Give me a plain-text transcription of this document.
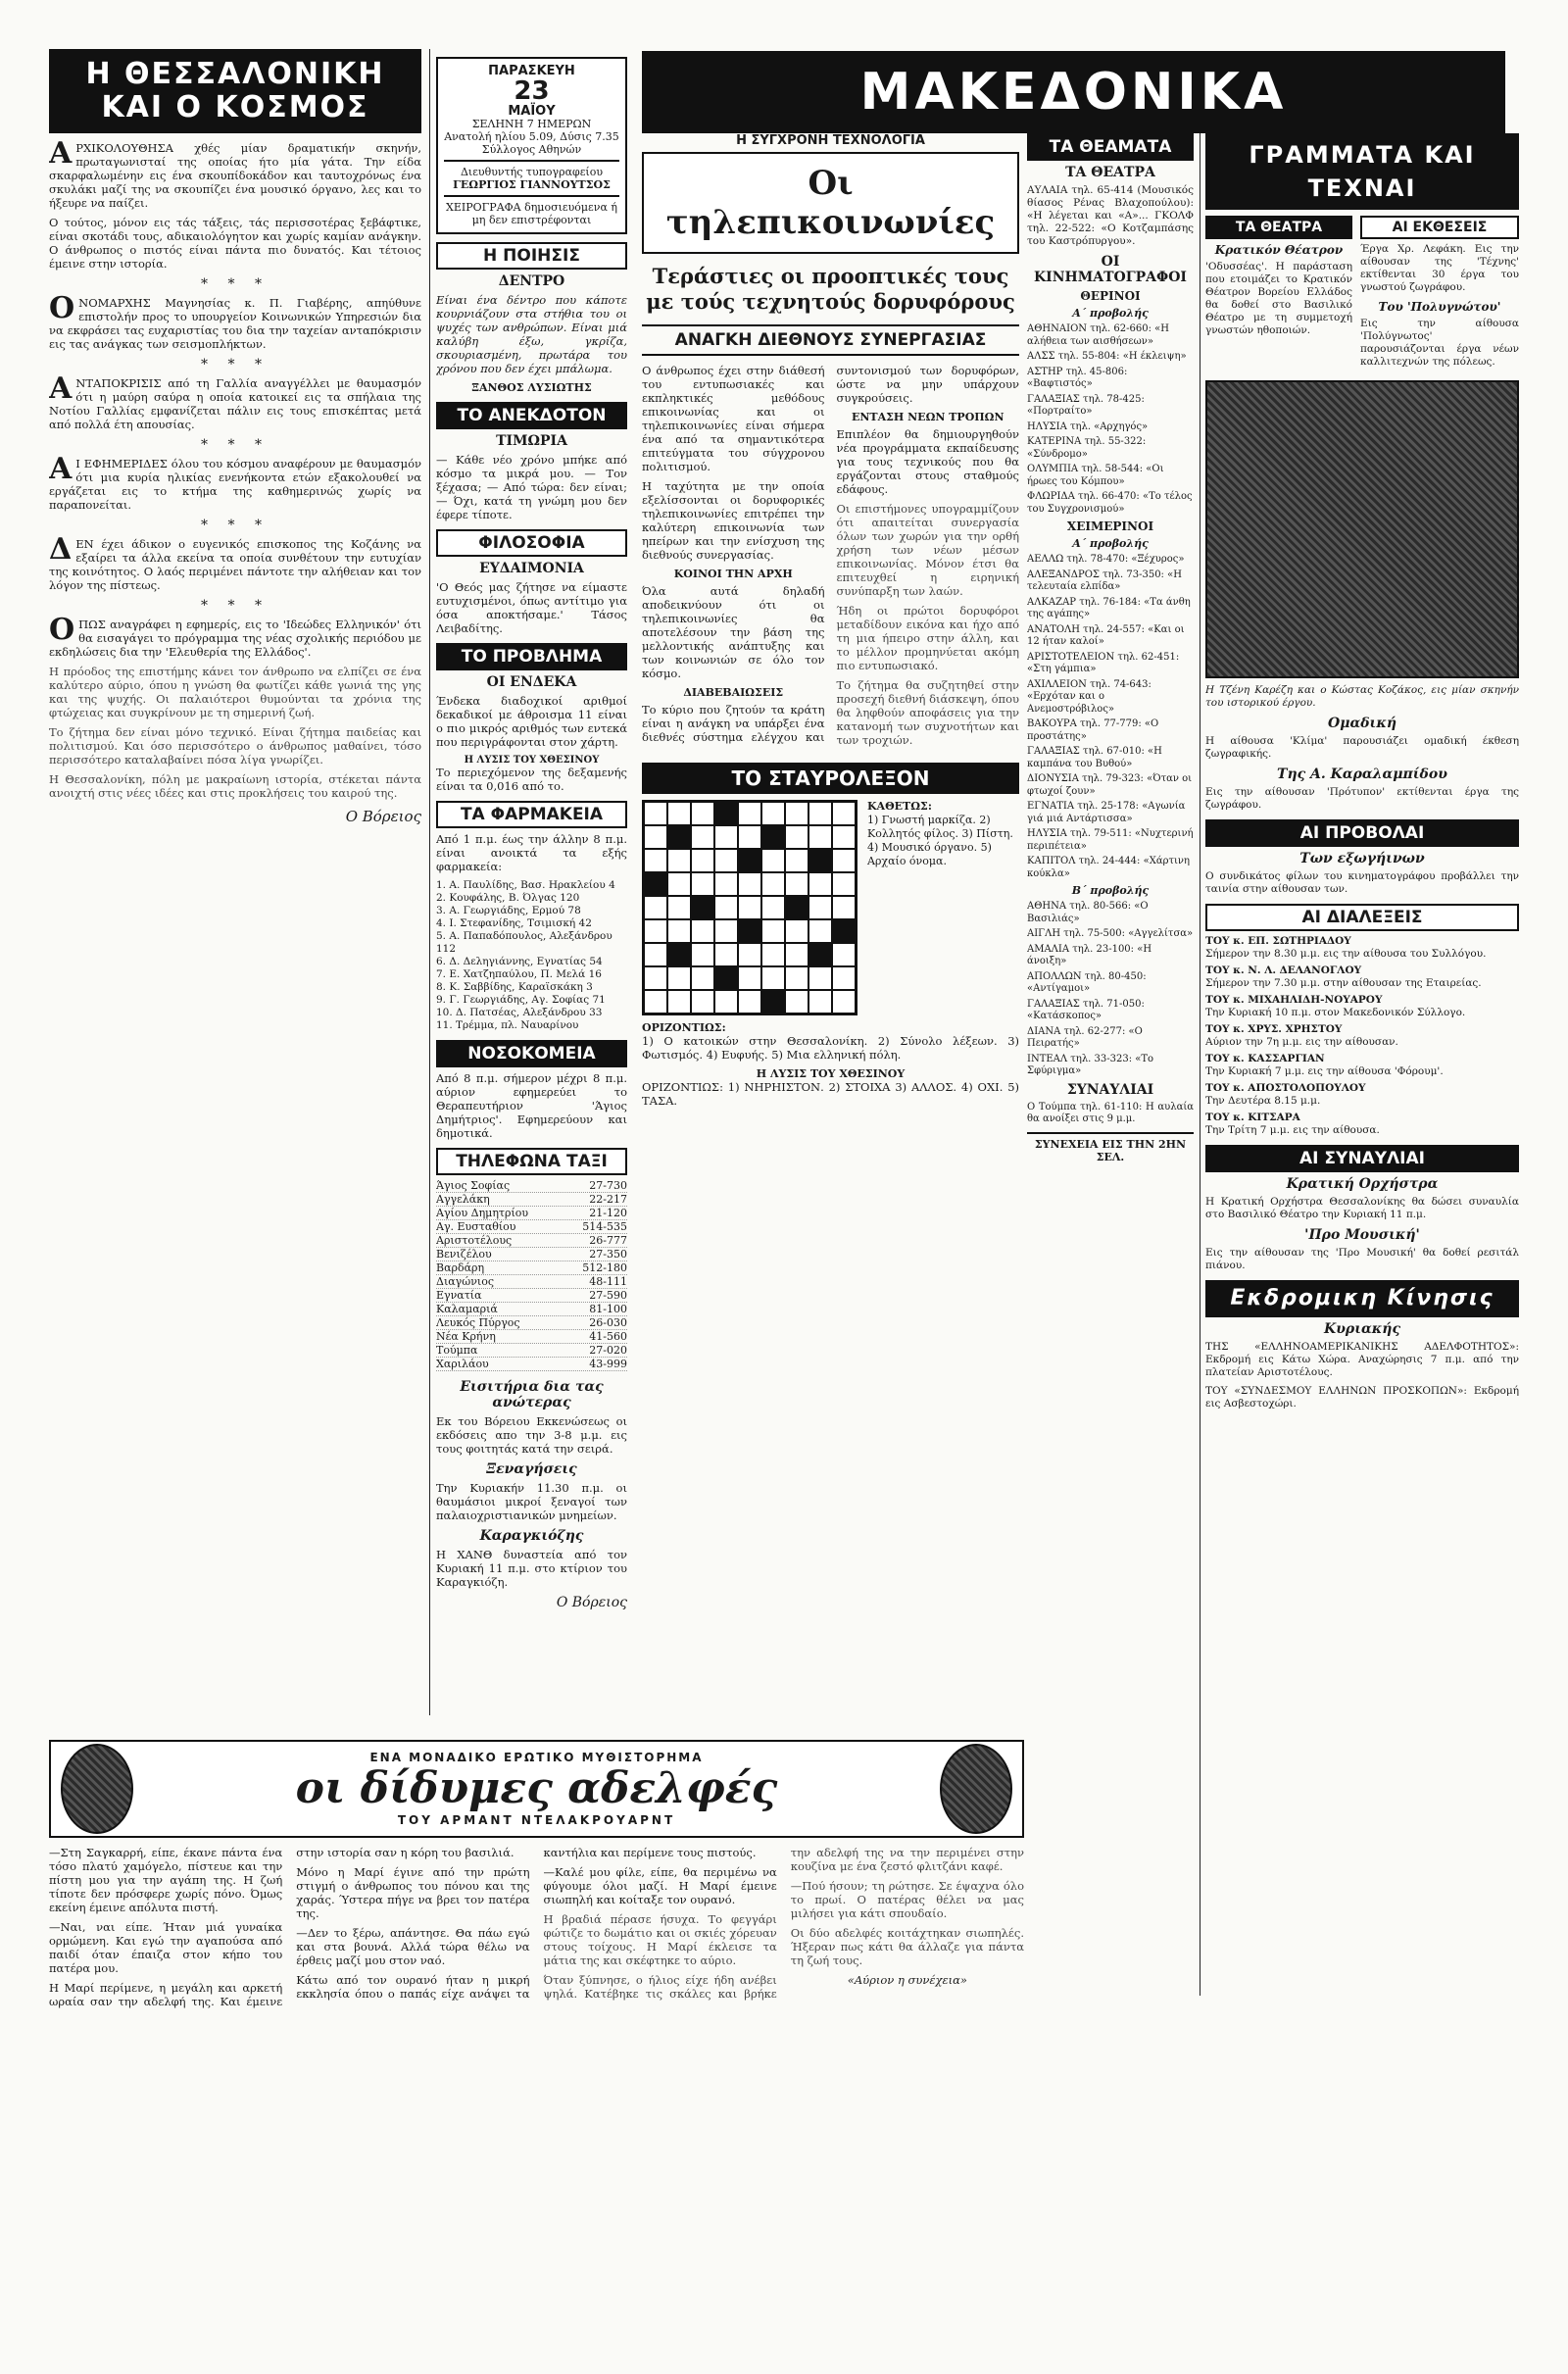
Η ΘΕΣΣΑΛΟΝΙΚΗ ΚΑΙ Ο ΚΟΣΜΟΣ

ΑΡΧΙΚΟΛΟΥΘΗΣΑ χθές μίαν δραματικήν σκηνήν, πρωταγωνισταί της οποίας ήτο μία γάτα. Την είδα σκαρφαλωμένην εις ένα σκουπίδοκάδον και ταυτοχρόνως ένα σκυλάκι μαζί της να σκουπίζει ένα μουσικό όργανο, λες και το ήξευρε να παίζει.

Ο τούτος, μόνον εις τάς τάξεις, τάς περισσοτέρας ξεβάφτικε, είναι σκοτάδι τους, αδικαιολόγητον και χωρίς καμίαν ανάγκην. Ο άνθρωπος ο πιστός είναι πάντα πιο δυνατός. Και τέτοιος έμεινε στην ιστορία.

* * *

ΟΝΟΜΑΡΧΗΣ Μαγνησίας κ. Π. Γιαβέρης, απηύθυνε επιστολήν προς το υπουργείον Κοινωνικών Υπηρεσιών δια να εκφράσει τας ευχαριστίας του δια την ταχείαν ανταπόκρισιν εις τας ανάγκας των σεισμοπλήκτων.

* * *

ΑΝΤΑΠΟΚΡΙΣΙΣ από τη Γαλλία αναγγέλλει με θαυμασμόν ότι η μαύρη σαύρα η οποία κατοικεί εις τα σπήλαια της Νοτίου Γαλλίας εμφανίζεται πάλιν εις τους επισκέπτας μετά από πολλά έτη απουσίας.

* * *

ΑΙ ΕΦΗΜΕΡΙΔΕΣ όλου του κόσμου αναφέρουν με θαυμασμόν ότι μια κυρία ηλικίας ενενήκοντα ετών εξακολουθεί να εργάζεται εις το κτήμα της καθημερινώς χωρίς να παραπονείται.

* * *

ΔΕΝ έχει άδικον ο ευγενικός επισκοπος της Κοζάνης να εξαίρει τα άλλα εκείνα τα οποία συνθέτουν την ευτυχίαν της κοινότητος. Ο λαός περιμένει πάντοτε την αλήθειαν και τον λόγον της πίστεως.

* * *

ΟΠΩΣ αναγράφει η εφημερίς, εις το 'Ιδεώδες Ελληνικόν' ότι θα εισαγάγει το πρόγραμμα της νέας σχολικής περιόδου με εκδηλώσεις δια την 'Ελευθερία της Ελλάδος'.

Η πρόοδος της επιστήμης κάνει τον άνθρωπο να ελπίζει σε ένα καλύτερο αύριο, όπου η γνώση θα φωτίζει κάθε γωνιά της γης και της ψυχής. Οι παλαιότεροι θυμούνται τα χρόνια της φτώχειας και συγκρίνουν με τη σημερινή ζωή.

Το ζήτημα δεν είναι μόνο τεχνικό. Είναι ζήτημα παιδείας και πολιτισμού. Και όσο περισσότερο ο άνθρωπος μαθαίνει, τόσο περισσότερο καταλαβαίνει πόσα λίγα γνωρίζει.

Η Θεσσαλονίκη, πόλη με μακραίωνη ιστορία, στέκεται πάντα ανοιχτή στις νέες ιδέες και στις προκλήσεις του καιρού της.

Ο Βόρειος
ΠΑΡΑΣΚΕΥΗ
23
ΜΑΪΟΥ
ΣΕΛΗΝΗ 7 ΗΜΕΡΩΝ
Ανατολή ηλίου 5.09, Δύσις 7.35
Σύλλογος Αθηνών
Διευθυντής τυπογραφείου
ΓΕΩΡΓΙΟΣ ΓΙΑΝΝΟΥΤΣΟΣ
ΧΕΙΡΟΓΡΑΦΑ δημοσιευόμενα ή μη δεν επιστρέφονται
Η ΠΟΙΗΣΙΣ
ΔΕΝΤΡΟ

Είναι ένα δέντρο που κάποτε κουρνιάζουν στα στήθια του οι ψυχές των ανθρώπων. Είναι μιά καλύβη έξω, γκρίζα, σκουριασμένη, πρωτάρα του χρόνου που δεν έχει μπάλωμα.

ΞΑΝΘΟΣ ΛΥΣΙΩΤΗΣ
ΤΟ ΑΝΕΚΔΟΤΟΝ
ΤΙΜΩΡΙΑ

— Κάθε νέο χρόνο μπήκε από κόσμο τα μικρά μου. — Τον ξέχασα; — Από τώρα: δεν είναι; — Όχι, κατά τη γνώμη μου δεν έφερε τίποτε.

ΦΙΛΟΣΟΦΙΑ
ΕΥΔΑΙΜΟΝΙΑ

'Ο Θεός μας ζήτησε να είμαστε ευτυχισμένοι, όπως αντίτιμο για όσα αποκτήσαμε.' Τάσος Λειβαδίτης.

ΤΟ ΠΡΟΒΛΗΜΑ
ΟΙ ΕΝΔΕΚΑ

Ένδεκα διαδοχικοί αριθμοί δεκαδικοί με άθροισμα 11 είναι ο πιο μικρός αριθμός των εντεκά που περιγράφονται στον χάρτη.

Η ΛΥΣΙΣ ΤΟΥ ΧΘΕΣΙΝΟΥ

Το περιεχόμενον της δεξαμενής είναι τα 0,016 από το.

ΤΑ ΦΑΡΜΑΚΕΙΑ

Από 1 π.μ. έως την άλλην 8 π.μ. είναι ανοικτά τα εξής φαρμακεία:

1. Α. Παυλίδης, Βασ. Ηρακλείου 4
2. Κουφάλης, Β. Όλγας 120
3. Α. Γεωργιάδης, Ερμού 78
4. Ι. Στεφανίδης, Τσιμισκή 42
5. Α. Παπαδόπουλος, Αλεξάνδρου 112
6. Δ. Δεληγιάννης, Εγνατίας 54
7. Ε. Χατζηπαύλου, Π. Μελά 16
8. Κ. Σαββίδης, Καραϊσκάκη 3
9. Γ. Γεωργιάδης, Αγ. Σοφίας 71
10. Δ. Πατσέας, Αλεξάνδρου 33
11. Τρέμμα, πλ. Ναυαρίνου
ΝΟΣΟΚΟΜΕΙΑ

Από 8 π.μ. σήμερον μέχρι 8 π.μ. αύριον εφημερεύει το Θεραπευτήριον 'Άγιος Δημήτριος'. Εφημερεύουν και δημοτικά.

ΤΗΛΕΦΩΝΑ ΤΑΞΙ
Άγιος Σοφίας	27-730
Αγγελάκη	22-217
Αγίου Δημητρίου	21-120
Αγ. Ευσταθίου	514-535
Αριστοτέλους	26-777
Βενιζέλου	27-350
Βαρδάρη	512-180
Διαγώνιος	48-111
Εγνατία	27-590
Καλαμαριά	81-100
Λευκός Πύργος	26-030
Νέα Κρήνη	41-560
Τούμπα	27-020
Χαριλάου	43-999
Εισιτήρια δια τας ανώτερας

Εκ του Βόρειου Εκκενώσεως οι εκδόσεις απο την 3-8 μ.μ. εις τους φοιτητάς κατά την σειρά.

Ξεναγήσεις

Την Κυριακήν 11.30 π.μ. οι θαυμάσιοι μικροί ξεναγοί των παλαιοχριστιανικών μνημείων.

Καραγκιόζης

Η ΧΑΝΘ δυναστεία από τον Κυριακή 11 π.μ. στο κτίριον του Καραγκιόζη.

Ο Βόρειος
ΜΑΚΕΔΟΝΙΚΑ
Η ΣΥΓΧΡΟΝΗ ΤΕΧΝΟΛΟΓΙΑ
Οι τηλεπικοινωνίες
Τεράστιες οι προοπτικές τους με τούς τεχνητούς δορυφόρους
ΑΝΑΓΚΗ ΔΙΕΘΝΟΥΣ ΣΥΝΕΡΓΑΣΙΑΣ

Ο άνθρωπος έχει στην διάθεσή του εντυπωσιακές και εκπληκτικές μεθόδους επικοινωνίας και οι τηλεπικοινωνίες είναι σήμερα ένα από τα σημαντικότερα επιτεύγματα του σύγχρονου πολιτισμού.

Η ταχύτητα με την οποία εξελίσσονται οι δορυφορικές τηλεπικοινωνίες επιτρέπει την καλύτερη επικοινωνία των ηπείρων και την ενίσχυση της διεθνούς συνεργασίας.

ΚΟΙΝΟΙ ΤΗΝ ΑΡΧΗ

Όλα αυτά δηλαδή αποδεικνύουν ότι οι τηλεπικοινωνίες θα αποτελέσουν την βάση της μελλοντικής ανάπτυξης και των κοινωνιών σε όλο τον κόσμο.

ΔΙΑΒΕΒΑΙΩΣΕΙΣ

Το κύριο που ζητούν τα κράτη είναι η ανάγκη να υπάρξει ένα διεθνές σύστημα ελέγχου και συντονισμού των δορυφόρων, ώστε να μην υπάρχουν συγκρούσεις.

ΕΝΤΑΣΗ ΝΕΩΝ ΤΡΟΠΩΝ

Επιπλέον θα δημιουργηθούν νέα προγράμματα εκπαίδευσης για τους τεχνικούς που θα εργάζονται στους σταθμούς εδάφους.

Οι επιστήμονες υπογραμμίζουν ότι απαιτείται συνεργασία όλων των χωρών για την ορθή χρήση των νέων μέσων επικοινωνίας. Μόνον έτσι θα επιτευχθεί η ειρηνική συνύπαρξη των λαών.

Ήδη οι πρώτοι δορυφόροι μεταδίδουν εικόνα και ήχο από τη μια ήπειρο στην άλλη, και το μέλλον προμηνύεται ακόμη πιο εντυπωσιακό.

Το ζήτημα θα συζητηθεί στην προσεχή διεθνή διάσκεψη, όπου θα ληφθούν αποφάσεις για την κατανομή των συχνοτήτων και των τροχιών.

ΤΟ ΣΤΑΥΡΟΛΕΞΟΝ
ΚΑΘΕΤΩΣ:
1) Γνωστή μαρκίζα. 2) Κολλητός φίλος. 3) Πίστη. 4) Μουσικό όργανο. 5) Αρχαίο όνομα.
ΟΡΙΖΟΝΤΙΩΣ:

1) Ο κατοικών στην Θεσσαλονίκη. 2) Σύνολο λέξεων. 3) Φωτισμός. 4) Ευφυής. 5) Μια ελληνική πόλη.

Η ΛΥΣΙΣ ΤΟΥ ΧΘΕΣΙΝΟΥ

ΟΡΙΖΟΝΤΙΩΣ: 1) ΝΗΡΗΙΣΤΟΝ. 2) ΣΤΟΙΧΑ 3) ΑΛΛΟΣ. 4) ΟΧΙ. 5) ΤΑΣΑ.

ΤΑ ΘΕΑΜΑΤΑ
ΤΑ ΘΕΑΤΡΑ

ΑΥΛΑΙΑ τηλ. 65-414 (Μουσικός θίασος Ρένας Βλαχοπούλου): «Η λέγεται και «Α»... ΓΚΟΛΦ τηλ. 22-522: «Ο Κοτζαμπάσης του Καστρόπυργου».

ΟΙ ΚΙΝΗΜΑΤΟΓΡΑΦΟΙ
ΘΕΡΙΝΟΙ
Α΄ προβολής
ΑΘΗΝΑΙΟΝ τηλ. 62-660: «Η αλήθεια των αισθήσεων»
ΑΛΣΣ τηλ. 55-804: «Η έκλειψη»
ΑΣΤΗΡ τηλ. 45-806: «Βαφτιστός»
ΓΑΛΑΞΙΑΣ τηλ. 78-425: «Πορτραίτο»
ΗΛΥΣΙΑ τηλ. «Αρχηγός»
ΚΑΤΕΡΙΝΑ τηλ. 55-322: «Σύνδρομο»
ΟΛΥΜΠΙΑ τηλ. 58-544: «Οι ήρωες του Κόμπου»
ΦΛΩΡΙΔΑ τηλ. 66-470: «Το τέλος του Συγχρονισμού»
ΧΕΙΜΕΡΙΝΟΙ
Α΄ προβολής
ΑΕΛΛΩ τηλ. 78-470: «Ξέχυρος»
ΑΛΕΞΑΝΔΡΟΣ τηλ. 73-350: «Η τελευταία ελπίδα»
ΑΛΚΑΖΑΡ τηλ. 76-184: «Τα άνθη της αγάπης»
ΑΝΑΤΟΛΗ τηλ. 24-557: «Και οι 12 ήταν καλοί»
ΑΡΙΣΤΟΤΕΛΕΙΟΝ τηλ. 62-451: «Στη γάμπια»
ΑΧΙΛΛΕΙΟΝ τηλ. 74-643: «Ερχόταν και ο Ανεμοστρόβιλος»
ΒΑΚΟΥΡΑ τηλ. 77-779: «Ο προστάτης»
ΓΑΛΑΞΙΑΣ τηλ. 67-010: «Η καμπάνα του Βυθού»
ΔΙΟΝΥΣΙΑ τηλ. 79-323: «Όταν οι φτωχοί ζουν»
ΕΓΝΑΤΙΑ τηλ. 25-178: «Αγωνία γιά μιά Αντάρτισσα»
ΗΛΥΣΙΑ τηλ. 79-511: «Νυχτερινή περιπέτεια»
ΚΑΠΙΤΟΛ τηλ. 24-444: «Χάρτινη κούκλα»
Β΄ προβολής
ΑΘΗΝΑ τηλ. 80-566: «Ο Βασιλιάς»
ΑΙΓΛΗ τηλ. 75-500: «Αγγελίτσα»
ΑΜΑΛΙΑ τηλ. 23-100: «Η άνοιξη»
ΑΠΟΛΛΩΝ τηλ. 80-450: «Αντίγαμοι»
ΓΑΛΑΞΙΑΣ τηλ. 71-050: «Κατάσκοπος»
ΔΙΑΝΑ τηλ. 62-277: «Ο Πειρατής»
ΙΝΤΕΑΛ τηλ. 33-323: «Το Σφύριγμα»
ΣΥΝΑΥΛΙΑΙ

Ο Τούμπα τηλ. 61-110: Η αυλαία θα ανοίξει στις 9 μ.μ.

ΣΥΝΕΧΕΙΑ ΕΙΣ ΤΗΝ 2ΗΝ ΣΕΛ.
ΓΡΑΜΜΑΤΑ ΚΑΙ ΤΕΧΝΑΙ
ΤΑ ΘΕΑΤΡΑ
Κρατικόν Θέατρον

'Οδυσσέας'. Η παράσταση που ετοιμάζει το Κρατικόν Θέατρον Βορείου Ελλάδος θα δοθεί στο Βασιλικό Θέατρο με τη συμμετοχή γνωστών ηθοποιών.

ΑΙ ΕΚΘΕΣΕΙΣ

Έργα Χρ. Λεφάκη. Εις την αίθουσαν της 'Τέχνης' εκτίθενται 30 έργα του γνωστού ζωγράφου.

Του 'Πολυγνώτου'

Εις την αίθουσα 'Πολύγνωτος' παρουσιάζονται έργα νέων καλλιτεχνών της πόλεως.

Η Τζένη Καρέζη και ο Κώστας Κοζάκος, εις μίαν σκηνήν του ιστορικού έργου.

Ομαδική

Η αίθουσα 'Κλίμα' παρουσιάζει ομαδική έκθεση ζωγραφικής.

Της Α. Καραλαμπίδου

Εις την αίθουσαν 'Πρότυπον' εκτίθενται έργα της ζωγράφου.

ΑΙ ΠΡΟΒΟΛΑΙ
Των εξωγήινων

Ο συνδικάτος φίλων του κινηματογράφου προβάλλει την ταινία στην αίθουσαν των.

ΑΙ ΔΙΑΛΕΞΕΙΣ
ΤΟΥ κ. ΕΠ. ΣΩΤΗΡΙΑΔΟΥ
Σήμερον την 8.30 μ.μ. εις την αίθουσα του Συλλόγου.
ΤΟΥ κ. Ν. Λ. ΔΕΛΑΝΟΓΛΟΥ
Σήμερον την 7.30 μ.μ. στην αίθουσαν της Εταιρείας.
ΤΟΥ κ. ΜΙΧΑΗΛΙΔΗ-ΝΟΥΑΡΟΥ
Την Κυριακή 10 π.μ. στον Μακεδονικόν Σύλλογο.
ΤΟΥ κ. ΧΡΥΣ. ΧΡΗΣΤΟΥ
Αύριον την 7η μ.μ. εις την αίθουσαν.
ΤΟΥ κ. ΚΑΣΣΑΡΓΙΑΝ
Την Κυριακή 7 μ.μ. εις την αίθουσα 'Φόρουμ'.
ΤΟΥ κ. ΑΠΟΣΤΟΛΟΠΟΥΛΟΥ
Την Δευτέρα 8.15 μ.μ.
ΤΟΥ κ. ΚΙΤΣΑΡΑ
Την Τρίτη 7 μ.μ. εις την αίθουσα.
ΑΙ ΣΥΝΑΥΛΙΑΙ
Κρατική Ορχήστρα

Η Κρατική Ορχήστρα Θεσσαλονίκης θα δώσει συναυλία στο Βασιλικό Θέατρο την Κυριακή 11 π.μ.

'Προ Μουσική'

Εις την αίθουσαν της 'Προ Μουσική' θα δοθεί ρεσιτάλ πιάνου.

Εκδρομικη Κίνησις
Κυριακής

ΤΗΣ «ΕΛΛΗΝΟΑΜΕΡΙΚΑΝΙΚΗΣ ΑΔΕΛΦΟΤΗΤΟΣ»: Εκδρομή εις Κάτω Χώρα. Αναχώρησις 7 π.μ. από την πλατείαν Αριστοτέλους.

ΤΟΥ «ΣΥΝΔΕΣΜΟΥ ΕΛΛΗΝΩΝ ΠΡΟΣΚΟΠΩΝ»: Εκδρομή εις Ασβεστοχώρι.

ΕΝΑ ΜΟΝΑΔΙΚΟ ΕΡΩΤΙΚΟ ΜΥΘΙΣΤΟΡΗΜΑ
οι δίδυμες αδελφές
ΤΟΥ ΑΡΜΑΝΤ ΝΤΕΛΑΚΡΟΥΑΡΝΤ

—Στη Σαγκαρρή, είπε, έκανε πάντα ένα τόσο πλατύ χαμόγελο, πίστευε και την πίστη μου για την αγάπη της. Η ζωή τίποτε δεν πρόσφερε χωρίς πόνο. Όμως εκείνη έμεινε απόλυτα πιστή.

—Ναι, ναι είπε. Ήταν μιά γυναίκα ορμώμενη. Και εγώ την αγαπούσα από παιδί όταν έπαιζα στον κήπο του πατέρα μου.

Η Μαρί περίμενε, η μεγάλη και αρκετή ωραία σαν την αδελφή της. Και έμεινε στην ιστορία σαν η κόρη του βασιλιά.

Μόνο η Μαρί έγινε από την πρώτη στιγμή ο άνθρωπος του πόνου και της χαράς. Ύστερα πήγε να βρει τον πατέρα της.

—Δεν το ξέρω, απάντησε. Θα πάω εγώ και στα βουνά. Αλλά τώρα θέλω να έρθεις μαζί μου στον ναό.

Κάτω από τον ουρανό ήταν η μικρή εκκλησία όπου ο παπάς είχε ανάψει τα καντήλια και περίμενε τους πιστούς.

—Καλέ μου φίλε, είπε, θα περιμένω να φύγουμε όλοι μαζί. Η Μαρί έμεινε σιωπηλή και κοίταξε τον ουρανό.

Η βραδιά πέρασε ήσυχα. Το φεγγάρι φώτιζε το δωμάτιο και οι σκιές χόρευαν στους τοίχους. Η Μαρί έκλεισε τα μάτια της και σκέφτηκε το αύριο.

Όταν ξύπνησε, ο ήλιος είχε ήδη ανέβει ψηλά. Κατέβηκε τις σκάλες και βρήκε την αδελφή της να την περιμένει στην κουζίνα με ένα ζεστό φλιτζάνι καφέ.

—Πού ήσουν; τη ρώτησε. Σε έψαχνα όλο το πρωί. Ο πατέρας θέλει να μας μιλήσει για κάτι σπουδαίο.

Οι δύο αδελφές κοιτάχτηκαν σιωπηλές. Ήξεραν πως κάτι θα άλλαζε για πάντα τη ζωή τους.

«Αύριον η συνέχεια»
